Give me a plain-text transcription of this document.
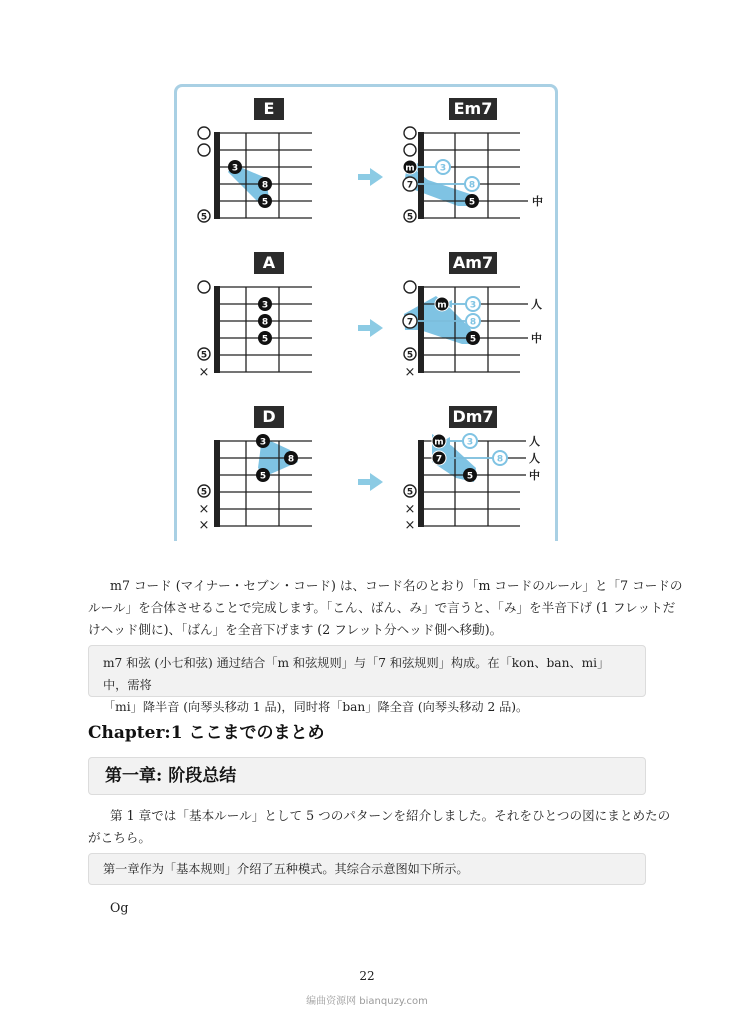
E	Em7
A	Am7
D	Dm7
5
3
8
5	中
5
3
8
m
7
5
5
×
3
8
5
人
中
5
×
3
8
m
7
5
5
×
×
3
8
5
人
人
中
5
×
×
3
8
m
7
5
m7 コード (マイナー・セブン・コード) は、コード名のとおり「m コードのルール」と「7 コードの
ルール」を合体させることで完成します。「こん、ばん、み」で言うと、「み」を半音下げ (1 フレットだ
けヘッド側に)、「ばん」を全音下げます (2 フレット分ヘッド側へ移動)。
m7 和弦 (小七和弦) 通过结合「m 和弦规则」与「7 和弦规则」构成。在「kon、ban、mi」中，需将
「mi」降半音 (向琴头移动 1 品)，同时将「ban」降全音 (向琴头移动 2 品)。
Chapter:1 ここまでのまとめ
第一章: 阶段总结
第 1 章では「基本ルール」として 5 つのパターンを紹介しました。それをひとつの図にまとめたの
がこちら。
第一章作为「基本规则」介绍了五种模式。其综合示意图如下所示。
Og
22
编曲资源网 bianquzy.com
